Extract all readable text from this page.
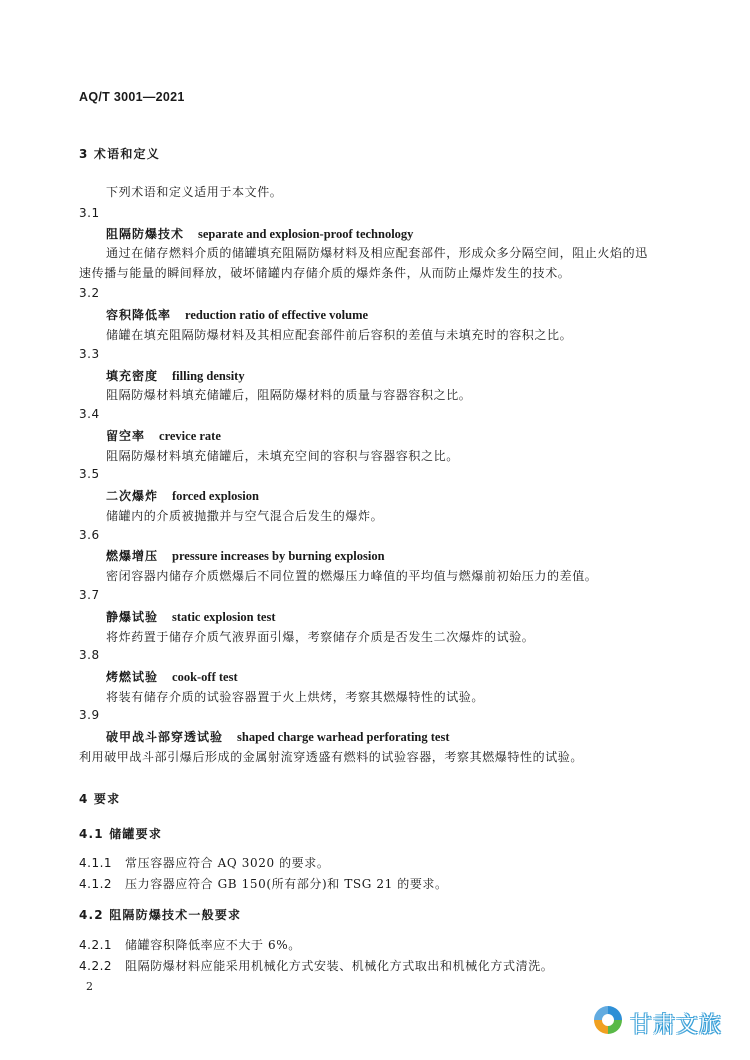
AQ/T 3001—2021
3 术语和定义
下列术语和定义适用于本文件。
3.1
阻隔防爆技术 separate and explosion-proof technology
通过在储存燃料介质的储罐填充阻隔防爆材料及相应配套部件，形成众多分隔空间，阻止火焰的迅
速传播与能量的瞬间释放，破坏储罐内存储介质的爆炸条件，从而防止爆炸发生的技术。
3.2
容积降低率 reduction ratio of effective volume
储罐在填充阻隔防爆材料及其相应配套部件前后容积的差值与未填充时的容积之比。
3.3
填充密度 filling density
阻隔防爆材料填充储罐后，阻隔防爆材料的质量与容器容积之比。
3.4
留空率 crevice rate
阻隔防爆材料填充储罐后，未填充空间的容积与容器容积之比。
3.5
二次爆炸 forced explosion
储罐内的介质被抛撒并与空气混合后发生的爆炸。
3.6
燃爆增压 pressure increases by burning explosion
密闭容器内储存介质燃爆后不同位置的燃爆压力峰值的平均值与燃爆前初始压力的差值。
3.7
静爆试验 static explosion test
将炸药置于储存介质气液界面引爆，考察储存介质是否发生二次爆炸的试验。
3.8
烤燃试验 cook-off test
将装有储存介质的试验容器置于火上烘烤，考察其燃爆特性的试验。
3.9
破甲战斗部穿透试验 shaped charge warhead perforating test
利用破甲战斗部引爆后形成的金属射流穿透盛有燃料的试验容器，考察其燃爆特性的试验。
4 要求
4.1 储罐要求
4.1.1 常压容器应符合 AQ 3020 的要求。
4.1.2 压力容器应符合 GB 150(所有部分)和 TSG 21 的要求。
4.2 阻隔防爆技术一般要求
4.2.1 储罐容积降低率应不大于 6%。
4.2.2 阻隔防爆材料应能采用机械化方式安装、机械化方式取出和机械化方式清洗。
2
甘肃文旅
